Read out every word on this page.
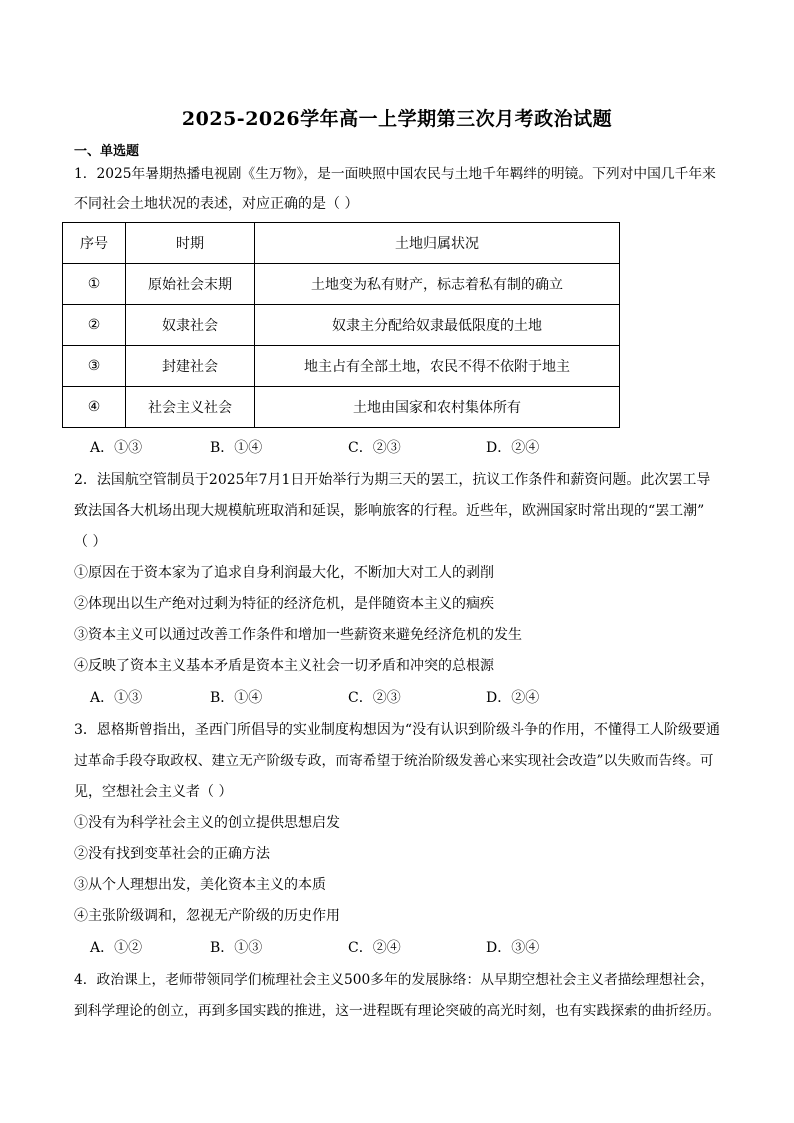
2025-2026学年高一上学期第三次月考政治试题
一、单选题
1．2025年暑期热播电视剧《生万物》，是一面映照中国农民与土地千年羁绊的明镜。下列对中国几千年来
不同社会土地状况的表述，对应正确的是（ ）
序号	时期	土地归属状况
①	原始社会末期	土地变为私有财产，标志着私有制的确立
②	奴隶社会	奴隶主分配给奴隶最低限度的土地
③	封建社会	地主占有全部土地，农民不得不依附于地主
④	社会主义社会	土地由国家和农村集体所有
A．①③	B．①④	C．②③	D．②④
2．法国航空管制员于2025年7月1日开始举行为期三天的罢工，抗议工作条件和薪资问题。此次罢工导
致法国各大机场出现大规模航班取消和延误，影响旅客的行程。近些年，欧洲国家时常出现的“罢工潮”
（ ）
①原因在于资本家为了追求自身利润最大化，不断加大对工人的剥削
②体现出以生产绝对过剩为特征的经济危机，是伴随资本主义的痼疾
③资本主义可以通过改善工作条件和增加一些薪资来避免经济危机的发生
④反映了资本主义基本矛盾是资本主义社会一切矛盾和冲突的总根源
A．①③	B．①④	C．②③	D．②④
3．恩格斯曾指出，圣西门所倡导的实业制度构想因为“没有认识到阶级斗争的作用，不懂得工人阶级要通
过革命手段夺取政权、建立无产阶级专政，而寄希望于统治阶级发善心来实现社会改造”以失败而告终。可
见，空想社会主义者（ ）
①没有为科学社会主义的创立提供思想启发
②没有找到变革社会的正确方法
③从个人理想出发，美化资本主义的本质
④主张阶级调和，忽视无产阶级的历史作用
A．①②	B．①③	C．②④	D．③④
4．政治课上，老师带领同学们梳理社会主义500多年的发展脉络：从早期空想社会主义者描绘理想社会，
到科学理论的创立，再到多国实践的推进，这一进程既有理论突破的高光时刻，也有实践探索的曲折经历。
